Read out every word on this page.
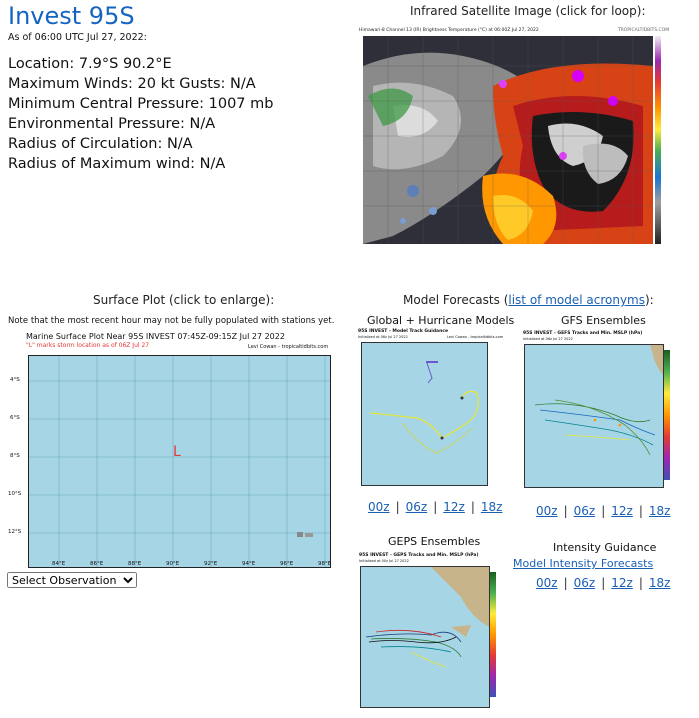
Invest 95S
As of 06:00 UTC Jul 27, 2022:
Location: 7.9°S 90.2°E
Maximum Winds: 20 kt Gusts: N/A
Minimum Central Pressure: 1007 mb
Environmental Pressure: N/A
Radius of Circulation: N/A
Radius of Maximum wind: N/A
Infrared Satellite Image (click for loop):
Himawari-8 Channel 13 (IR) Brightness Temperature (°C) at 06:00Z Jul 27, 2022	TROPICALTIDBITS.COM
Surface Plot (click to enlarge):
Note that the most recent hour may not be fully populated with stations yet.
Marine Surface Plot Near 95S INVEST 07:45Z-09:15Z Jul 27 2022
"L" marks storm location as of 06Z Jul 27	Levi Cowan - tropicaltidbits.com
L
4°S
6°S
8°S
10°S
12°S
84°E	86°E	88°E	90°E	92°E	94°E	96°E	98°E
Select Observation Time...
Model Forecasts (list of model acronyms):
Global + Hurricane Models
95S INVEST - Model Track Guidance
Initialized at 06z Jul 27 2022	Levi Cowan - tropicaltidbits.com
00z | 06z | 12z | 18z
GFS Ensembles
95S INVEST - GEFS Tracks and Min. MSLP (hPa)
Initialized at 06z Jul 27 2022
00z | 06z | 12z | 18z
GEPS Ensembles
95S INVEST - GEPS Tracks and Min. MSLP (hPa)
Initialized at 00z Jul 27 2022
Intensity Guidance
Model Intensity Forecasts
00z | 06z | 12z | 18z
